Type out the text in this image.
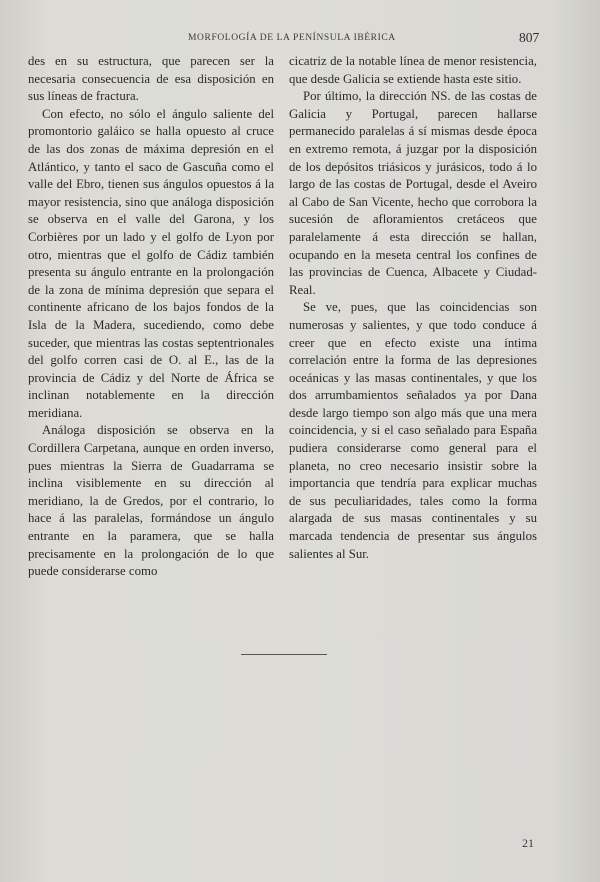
MORFOLOGÍA DE LA PENÍNSULA IBÉRICA	807

des en su estructura, que parecen ser la necesaria consecuencia de esa disposición en sus líneas de fractura.

Con efecto, no sólo el ángulo saliente del promontorio galáico se halla opuesto al cruce de las dos zonas de máxima depresión en el Atlántico, y tanto el saco de Gascuña como el valle del Ebro, tienen sus ángulos opuestos á la mayor resistencia, sino que análoga disposición se observa en el valle del Garona, y los Corbières por un lado y el golfo de Lyon por otro, mientras que el golfo de Cádiz también presenta su ángulo entrante en la prolongación de la zona de mínima depresión que separa el continente africano de los bajos fondos de la Isla de la Madera, sucediendo, como debe suceder, que mientras las costas septentrionales del golfo corren casi de O. al E., las de la provincia de Cádiz y del Norte de África se inclinan notablemente en la dirección meridiana.

Análoga disposición se observa en la Cordillera Carpetana, aunque en orden inverso, pues mientras la Sierra de Guadarrama se inclina visiblemente en su dirección al meridiano, la de Gredos, por el contrario, lo hace á las paralelas, formándose un ángulo entrante en la paramera, que se halla precisamente en la prolongación de lo que puede considerarse como

cicatriz de la notable línea de menor resistencia, que desde Galicia se extiende hasta este sitio.

Por último, la dirección NS. de las costas de Galicia y Portugal, parecen hallarse permanecido paralelas á sí mismas desde época en extremo remota, á juzgar por la disposición de los depósitos triásicos y jurásicos, todo á lo largo de las costas de Portugal, desde el Aveiro al Cabo de San Vicente, hecho que corrobora la sucesión de afloramientos cretáceos que paralelamente á esta dirección se hallan, ocupando en la meseta central los confines de las provincias de Cuenca, Albacete y Ciudad-Real.

Se ve, pues, que las coincidencias son numerosas y salientes, y que todo conduce á creer que en efecto existe una íntima correlación entre la forma de las depresiones oceánicas y las masas continentales, y que los dos arrumbamientos señalados ya por Dana desde largo tiempo son algo más que una mera coincidencia, y si el caso señalado para España pudiera considerarse como general para el planeta, no creo necesario insistir sobre la importancia que tendría para explicar muchas de sus peculiaridades, tales como la forma alargada de sus masas continentales y su marcada tendencia de presentar sus ángulos salientes al Sur.

21
